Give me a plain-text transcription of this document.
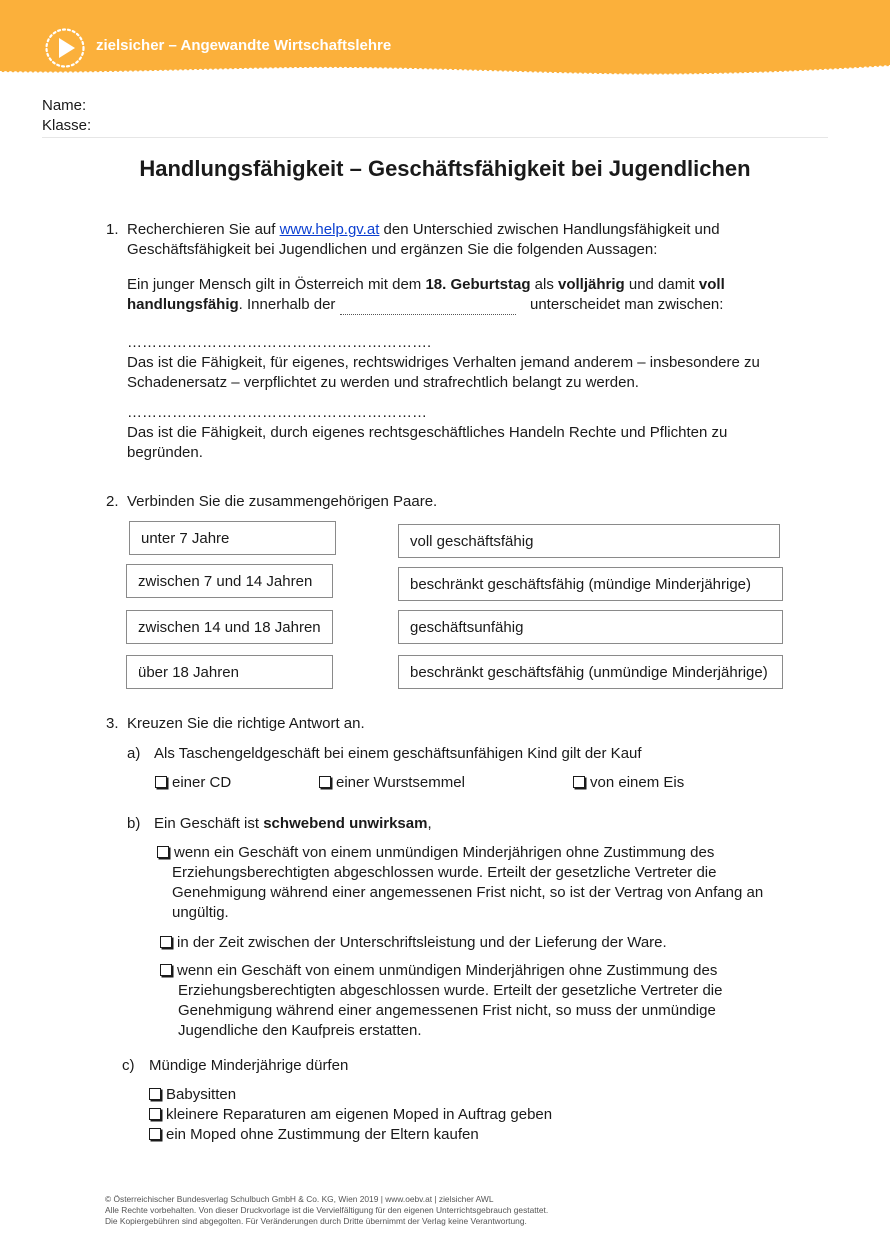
zielsicher – Angewandte Wirtschaftslehre
Name:
Klasse:
Handlungsfähigkeit – Geschäftsfähigkeit bei Jugendlichen
1. Recherchieren Sie auf www.help.gv.at den Unterschied zwischen Handlungsfähigkeit und
Geschäftsfähigkeit bei Jugendlichen und ergänzen Sie die folgenden Aussagen:
Ein junger Mensch gilt in Österreich mit dem 18. Geburtstag als volljährig und damit voll
handlungsfähig. Innerhalb der	unterscheidet man zwischen:
…………………………………………………….
Das ist die Fähigkeit, für eigenes, rechtswidriges Verhalten jemand anderem – insbesondere zu
Schadenersatz – verpflichtet zu werden und strafrechtlich belangt zu werden.
……………………………………………………
Das ist die Fähigkeit, durch eigenes rechtsgeschäftliches Handeln Rechte und Pflichten zu
begründen.
2. Verbinden Sie die zusammengehörigen Paare.
unter 7 Jahre
zwischen 7 und 14 Jahren
zwischen 14 und 18 Jahren
über 18 Jahren
voll geschäftsfähig
beschränkt geschäftsfähig (mündige Minderjährige)
geschäftsunfähig
beschränkt geschäftsfähig (unmündige Minderjährige)
3. Kreuzen Sie die richtige Antwort an.
a) Als Taschengeldgeschäft bei einem geschäftsunfähigen Kind gilt der Kauf
einer CD	einer Wurstsemmel	von einem Eis
b) Ein Geschäft ist schwebend unwirksam,
wenn ein Geschäft von einem unmündigen Minderjährigen ohne Zustimmung des
Erziehungsberechtigten abgeschlossen wurde. Erteilt der gesetzliche Vertreter die
Genehmigung während einer angemessenen Frist nicht, so ist der Vertrag von Anfang an
ungültig.
in der Zeit zwischen der Unterschriftsleistung und der Lieferung der Ware.
wenn ein Geschäft von einem unmündigen Minderjährigen ohne Zustimmung des
Erziehungsberechtigten abgeschlossen wurde. Erteilt der gesetzliche Vertreter die
Genehmigung während einer angemessenen Frist nicht, so muss der unmündige
Jugendliche den Kaufpreis erstatten.
c) Mündige Minderjährige dürfen
Babysitten
kleinere Reparaturen am eigenen Moped in Auftrag geben
ein Moped ohne Zustimmung der Eltern kaufen
© Österreichischer Bundesverlag Schulbuch GmbH & Co. KG, Wien 2019 | www.oebv.at | zielsicher AWL
Alle Rechte vorbehalten. Von dieser Druckvorlage ist die Vervielfältigung für den eigenen Unterrichtsgebrauch gestattet.
Die Kopiergebühren sind abgegolten. Für Veränderungen durch Dritte übernimmt der Verlag keine Verantwortung.
